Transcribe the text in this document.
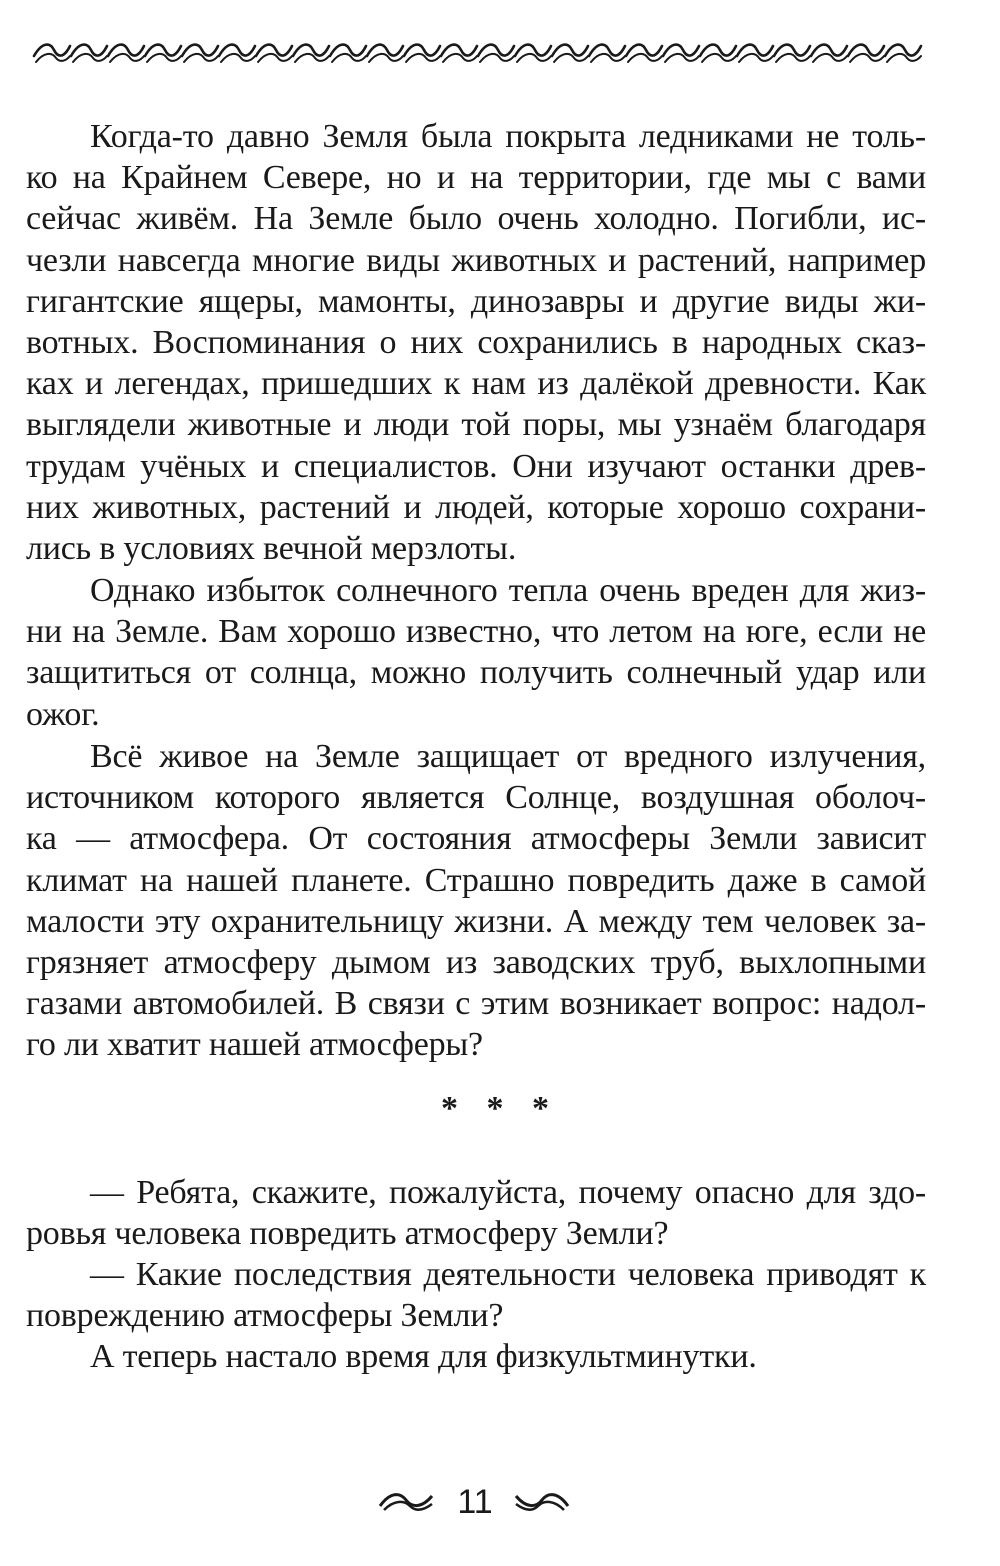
Когда-то давно Земля была покрыта ледниками не толь-
ко на Крайнем Севере, но и на территории, где мы с вами
сейчас живём. На Земле было очень холодно. Погибли, ис-
чезли навсегда многие виды животных и растений, например
гигантские ящеры, мамонты, динозавры и другие виды жи-
вотных. Воспоминания о них сохранились в народных сказ-
ках и легендах, пришедших к нам из далёкой древности. Как
выглядели животные и люди той поры, мы узнаём благодаря
трудам учёных и специалистов. Они изучают останки древ-
них животных, растений и людей, которые хорошо сохрани-
лись в условиях вечной мерзлоты.
Однако избыток солнечного тепла очень вреден для жиз-
ни на Земле. Вам хорошо известно, что летом на юге, если не
защититься от солнца, можно получить солнечный удар или
ожог.
Всё живое на Земле защищает от вредного излучения,
источником которого является Солнце, воздушная оболоч-
ка — атмосфера. От состояния атмосферы Земли зависит
климат на нашей планете. Страшно повредить даже в самой
малости эту охранительницу жизни. А между тем человек за-
грязняет атмосферу дымом из заводских труб, выхлопными
газами автомобилей. В связи с этим возникает вопрос: надол-
го ли хватит нашей атмосферы?
* * *
— Ребята, скажите, пожалуйста, почему опасно для здо-
ровья человека повредить атмосферу Земли?
— Какие последствия деятельности человека приводят к
повреждению атмосферы Земли?
А теперь настало время для физкультминутки.
11
